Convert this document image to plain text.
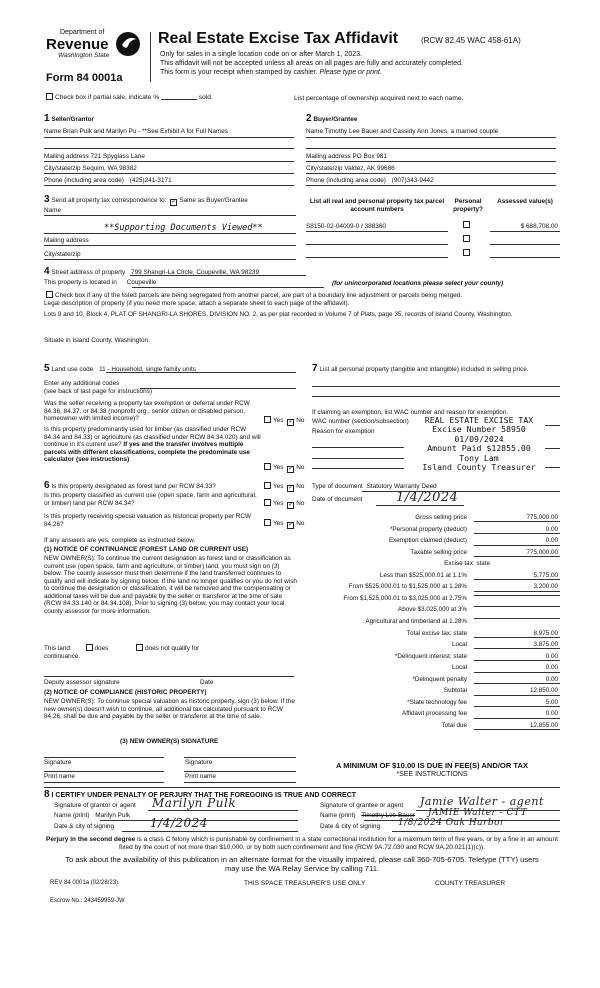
Department of
Revenue
Washington State
Form 84 0001a
Real Estate Excise Tax Affidavit	(RCW 82.45 WAC 458-61A)
Only for sales in a single location code on or after March 1, 2023.
This affidavit will not be accepted unless all areas on all pages are fully and accurately completed.
This form is your receipt when stamped by cashier. Please type or print.
Check box if partial sale, indicate %	sold.	List percentage of ownership acquired next to each name.
1 Seller/Grantor
Name Brian Pulk and Marilyn Pu - **See Exhibit A for Full Names
Mailing address 721 Spyglass Lane
City/state/zip Sequim, WA 98382
Phone (including area code) (425)241-3171
2 Buyer/Grantee
Name Timothy Lee Bauer and Cassidy Ann Jones, a married couple
Mailing address PO Box 981
City/state/zip Valdez, AK 99686
Phone (including area code) (907)343-9442
3 Send all property tax correspondence to: ✓ Same as Buyer/Grantee
Name
**Supporting Documents Viewed**
Mailing address
City/state/zip
List all real and personal property tax parcel account numbers
Personal property?
Assessed value(s)
S8150-02-04009-0 / 388360	$ 688,708.00
4 Street address of property 799 Shangri-La Circle, Coupeville, WA 98239
This property is located in Coupeville	(for unincorporated locations please select your county)
Check box if any of the listed parcels are being segregated from another parcel, are part of a boundary line adjustment or parcels being merged.
Legal description of property (if you need more space, attach a separate sheet to each page of the affidavit).
Lots 9 and 10, Block 4, PLAT OF SHANGRI-LA SHORES, DIVISION NO. 2, as per plat recorded in Volume 7 of Plats, page 35, records of Island County, Washington.
Situate in Island County, Washington.
5 Land use code 11 - Household, single family units
Enter any additional codes
(see back of last page for instructions)
Was the seller receiving a property tax exemption or deferral under RCW 84.36, 84.37, or 84.38 (nonprofit org., senior citizen or disabled person, homeowner with limited income)?	Yes ✓ No
Is this property predominantly used for timber (as classified under RCW 84.34 and 84.33) or agriculture (as classified under RCW 84.34.020) and will continue in it's current use? If yes and the transfer involves multiple parcels with different classifications, complete the predominate use calculator (see instructions)
Yes ✓ No
6 Is this property designated as forest land per RCW 84.33?	Yes ✓ No
Is this property classified as current use (open space, farm and agricultural, or timber) land per RCW 84.34?	Yes ✓ No
Is this property receiving special valuation as historical property per RCW 84.26?	Yes ✓ No
If any answers are yes, complete as instructed below.
(1) NOTICE OF CONTINUANCE (FOREST LAND OR CURRENT USE)
NEW OWNER(S): To continue the current designation as forest land or classification as current use (open space, farm and agriculture, or timber) land, you must sign on (3) below. The county assessor must then determine if the land transferred continues to qualify and will indicate by signing below. If the land no longer qualifies or you do not wish to continue the designation or classification, it will be removed and the compensating or additional taxes will be due and payable by the seller or transferor at the time of sale (RCW 84.33.140 or 84.34.108). Prior to signing (3) below, you may contact your local county assessor for more information.
This land:	does	does not qualify for
continuance.
Deputy assessor signature	Date
(2) NOTICE OF COMPLIANCE (HISTORIC PROPERTY)
NEW OWNER(S): To continue special valuation as historic property, sign (3) below. If the new owner(s) doesn't wish to continue, all additional tax calculated pursuant to RCW 84.26, shall be due and payable by the seller or transferor at the time of sale.
(3) NEW OWNER(S) SIGNATURE
Signature	Signature
Print name	Print name
7 List all personal property (tangible and intangible) included in selling price.
If claiming an exemption, list WAC number and reason for exemption.
WAC number (section/subsection)
Reason for exemption
REAL ESTATE EXCISE TAX
Excise Number 58950
01/09/2024
Amount Paid $12855.00
Tony Lam
Island County Treasurer
Type of document Statutory Warranty Deed
Date of document	1/4/2024
Gross selling price	775,000.00
*Personal property (deduct)	0.00
Exemption claimed (deduct)	0.00
Taxable selling price	775,000.00
Excise tax: state
Less than $525,000.01 at 1.1%	5,775.00
From $525,000.01 to $1,525,000 at 1.28%	3,200.00
From $1,525,000.01 to $3,025,000 at 2.75%
Above $3,025,000 at 3%
Agricultural and timberland at 1.28%
Total excise tax: state	8,975.00
Local	3,875.00
*Delinquent interest: state	0.00
Local	0.00
*Delinquent penalty	0.00
Subtotal	12,850.00
*State technology fee	5.00
Affidavit processing fee	0.00
Total due	12,855.00
A MINIMUM OF $10.00 IS DUE IN FEE(S) AND/OR TAX
*SEE INSTRUCTIONS
8 I CERTIFY UNDER PENALTY OF PERJURY THAT THE FOREGOING IS TRUE AND CORRECT
Signature of grantor or agent Marilyn Pulk
Name (print) Marilyn Pulk
Date & city of signing	1/4/2024
Signature of grantee or agent Jamie Walter - agent
Name (print) Timothy Lee Bauer JAMIE Walter - CTT
Date & city of signing 1/8/2024 Oak Harbor
Perjury in the second degree is a class C felony which is punishable by confinement in a state correctional institution for a maximum term of five years, or by a fine in an amount fixed by the court of not more than $10,000, or by both such confinement and fine (RCW 9A.72.030 and RCW 9A.20.021(1)(c)).
To ask about the availability of this publication in an alternate format for the visually impaired, please call 360-705-6705. Teletype (TTY) users may use the WA Relay Service by calling 711.
REV 84 0001a (02/28/23)	THIS SPACE TREASURER'S USE ONLY	COUNTY TREASURER
Escrow No.: 243459959-JW
